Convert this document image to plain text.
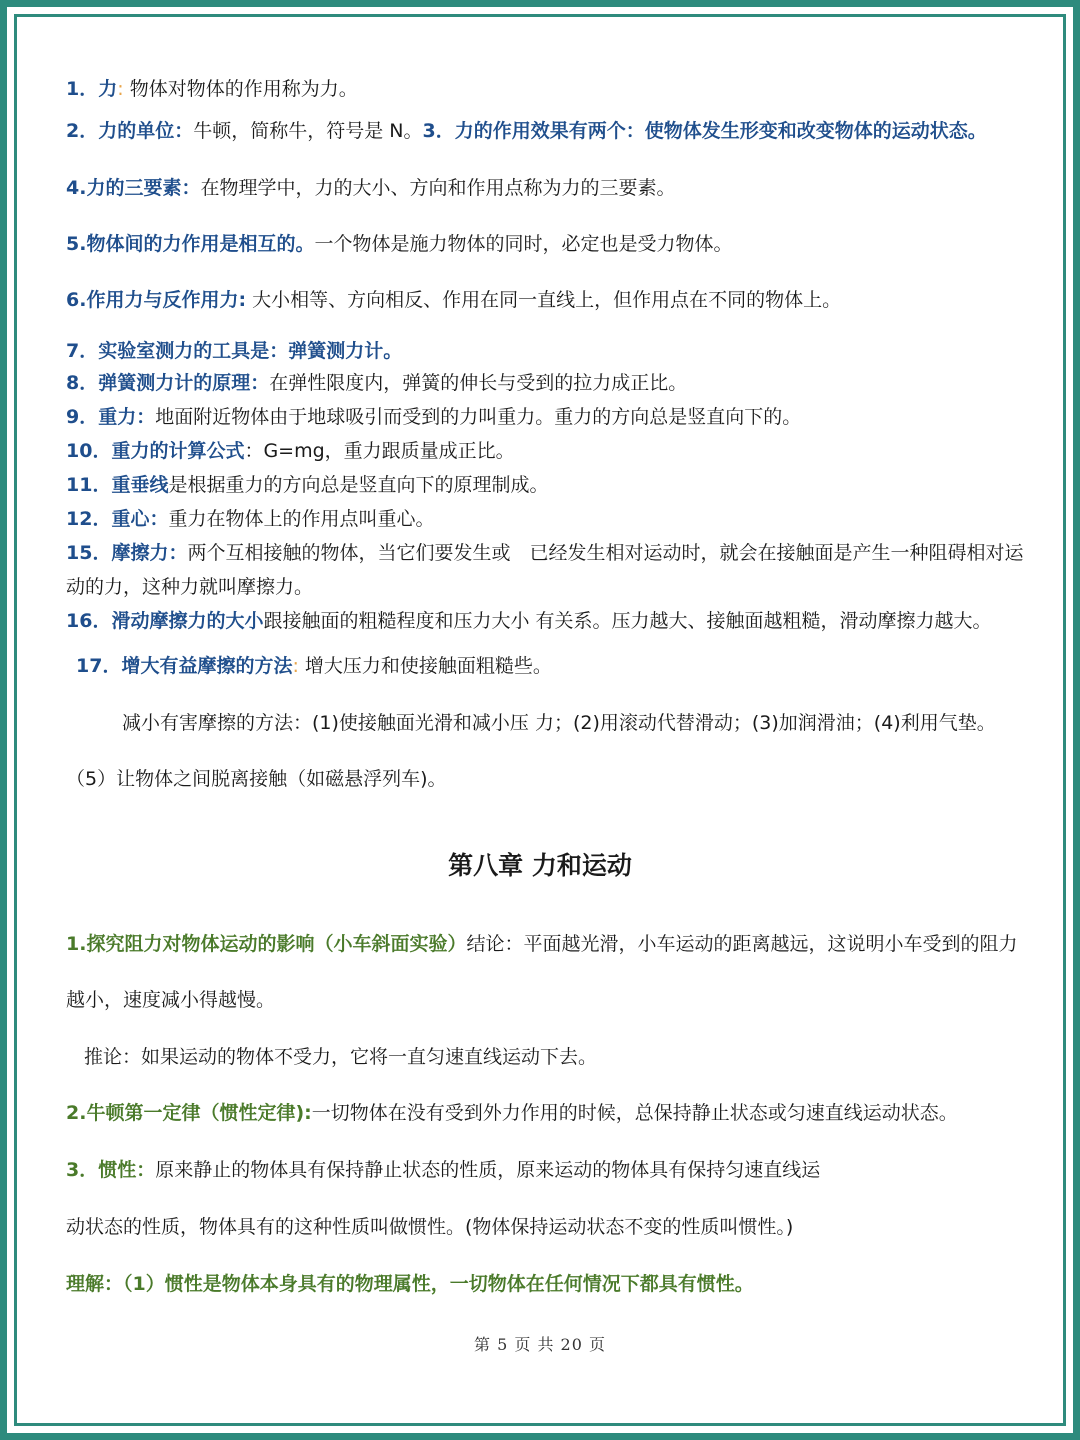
1．力: 物体对物体的作用称为力。
2．力的单位：牛顿，简称牛，符号是 N。3．力的作用效果有两个：使物体发生形变和改变物体的运动状态。
4.力的三要素：在物理学中，力的大小、方向和作用点称为力的三要素。
5.物体间的力作用是相互的。一个物体是施力物体的同时，必定也是受力物体。
6.作用力与反作用力: 大小相等、方向相反、作用在同一直线上，但作用点在不同的物体上。
7．实验室测力的工具是：弹簧测力计。
8．弹簧测力计的原理：在弹性限度内，弹簧的伸长与受到的拉力成正比。
9．重力：地面附近物体由于地球吸引而受到的力叫重力。重力的方向总是竖直向下的。
10．重力的计算公式：G=mg，重力跟质量成正比。
11．重垂线是根据重力的方向总是竖直向下的原理制成。
12．重心：重力在物体上的作用点叫重心。
15．摩擦力：两个互相接触的物体，当它们要发生或　已经发生相对运动时，就会在接触面是产生一种阻碍相对运
动的力，这种力就叫摩擦力。
16．滑动摩擦力的大小跟接触面的粗糙程度和压力大小 有关系。压力越大、接触面越粗糙，滑动摩擦力越大。
17．增大有益摩擦的方法: 增大压力和使接触面粗糙些。
减小有害摩擦的方法：(1)使接触面光滑和减小压 力；(2)用滚动代替滑动；(3)加润滑油；(4)利用气垫。
（5）让物体之间脱离接触（如磁悬浮列车)。
第八章 力和运动
1.探究阻力对物体运动的影响（小车斜面实验）结论：平面越光滑，小车运动的距离越远，这说明小车受到的阻力
越小，速度减小得越慢。
推论：如果运动的物体不受力，它将一直匀速直线运动下去。
2.牛顿第一定律（惯性定律):一切物体在没有受到外力作用的时候，总保持静止状态或匀速直线运动状态。
3．惯性：原来静止的物体具有保持静止状态的性质，原来运动的物体具有保持匀速直线运
动状态的性质，物体具有的这种性质叫做惯性。(物体保持运动状态不变的性质叫惯性。)
理解：（1）惯性是物体本身具有的物理属性，一切物体在任何情况下都具有惯性。
第 5 页 共 20 页
